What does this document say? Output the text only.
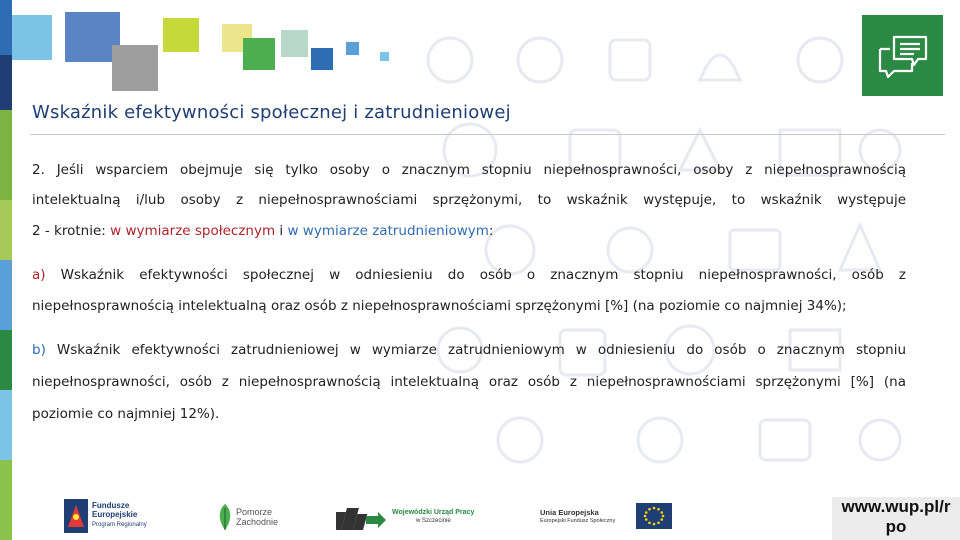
Wskaźnik efektywności społecznej i zatrudnieniowej
2. Jeśli wsparciem obejmuje się tylko osoby o znacznym stopniu niepełnosprawności, osoby z niepełnosprawnością
intelektualną i/lub osoby z niepełnosprawnościami sprzężonymi, to wskaźnik występuje, to wskaźnik występuje
2 - krotnie: w wymiarze społecznym i w wymiarze zatrudnieniowym:
a) Wskaźnik efektywności społecznej w odniesieniu do osób o znacznym stopniu niepełnosprawności, osób z
niepełnosprawnością intelektualną oraz osób z niepełnosprawnościami sprzężonymi [%] (na poziomie co najmniej 34%);
b) Wskaźnik efektywności zatrudnieniowej w wymiarze zatrudnieniowym w odniesieniu do osób o znacznym stopniu
niepełnosprawności, osób z niepełnosprawnością intelektualną oraz osób z niepełnosprawnościami sprzężonymi [%] (na
poziomie co najmniej 12%).
Fundusze
Europejskie
Program Regionalny
Pomorze
Zachodnie
Wojewódzki Urząd Pracy
w Szczecinie
Unia Europejska
Europejski Fundusz Społeczny
www.wup.pl/r
po
